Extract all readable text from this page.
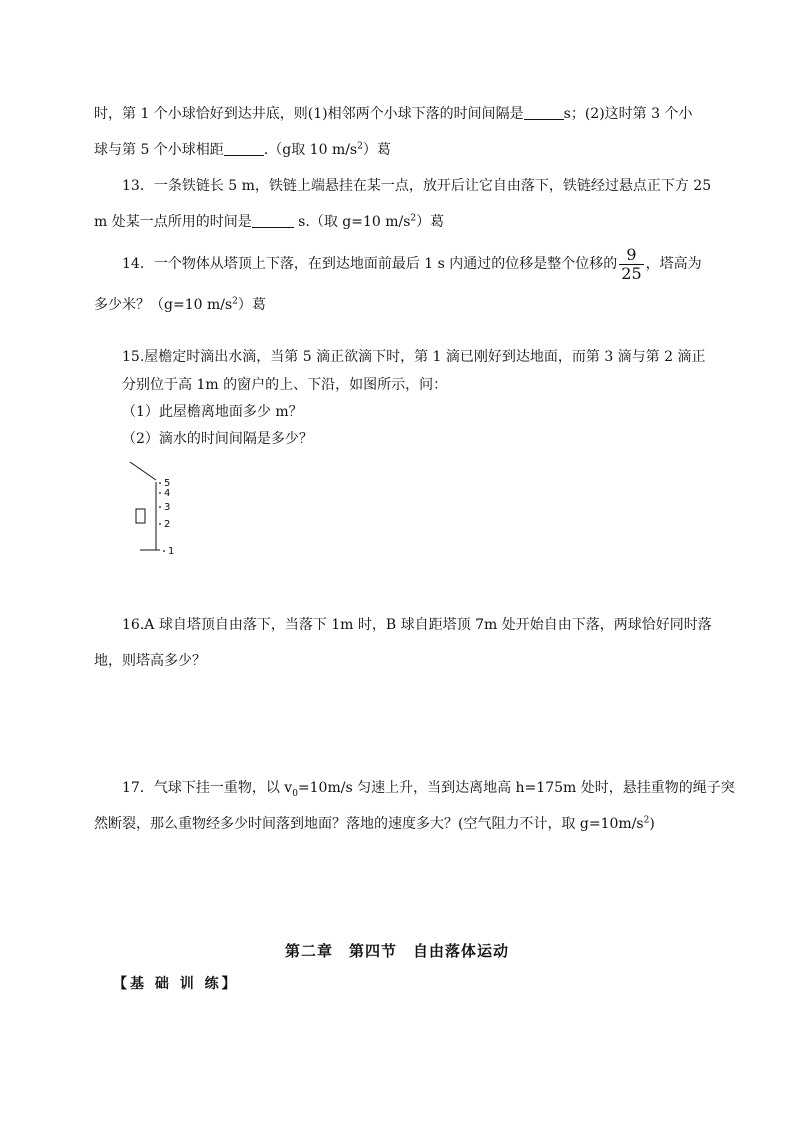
时，第 1 个小球恰好到达井底，则(1)相邻两个小球下落的时间间隔是	s；(2)这时第 3 个小
球与第 5 个小球相距	.（g取 10 $m/s^2$）葛
13．一条铁链长 5 m，铁链上端悬挂在某一点，放开后让它自由落下，铁链经过悬点正下方 25
m 处某一点所用的时间是	s.（取 g=10 $m/s^2$）葛
14．一个物体从塔顶上下落，在到达地面前最后 1 s 内通过的位移是整个位移的 $\frac{9}{25}$ ，塔高为
多少米？（g=10 $m/s^2$）葛
15.屋檐定时滴出水滴，当第 5 滴正欲滴下时，第 1 滴已刚好到达地面，而第 3 滴与第 2 滴正
分别位于高 1m 的窗户的上、下沿，如图所示，问：
（1）此屋檐离地面多少 m？
（2）滴水的时间间隔是多少？
5
4
3
2
1
16.A 球自塔顶自由落下，当落下 1m 时，B 球自距塔顶 7m 处开始自由下落，两球恰好同时落
地，则塔高多少？
17．气球下挂一重物，以 $v_0=10m/s$ 匀速上升，当到达离地高 h=175m 处时，悬挂重物的绳子突
然断裂，那么重物经多少时间落到地面？落地的速度多大？(空气阻力不计，取 $g=10m/s^2$)
第二章　第四节　自由落体运动
【基 础 训 练】
